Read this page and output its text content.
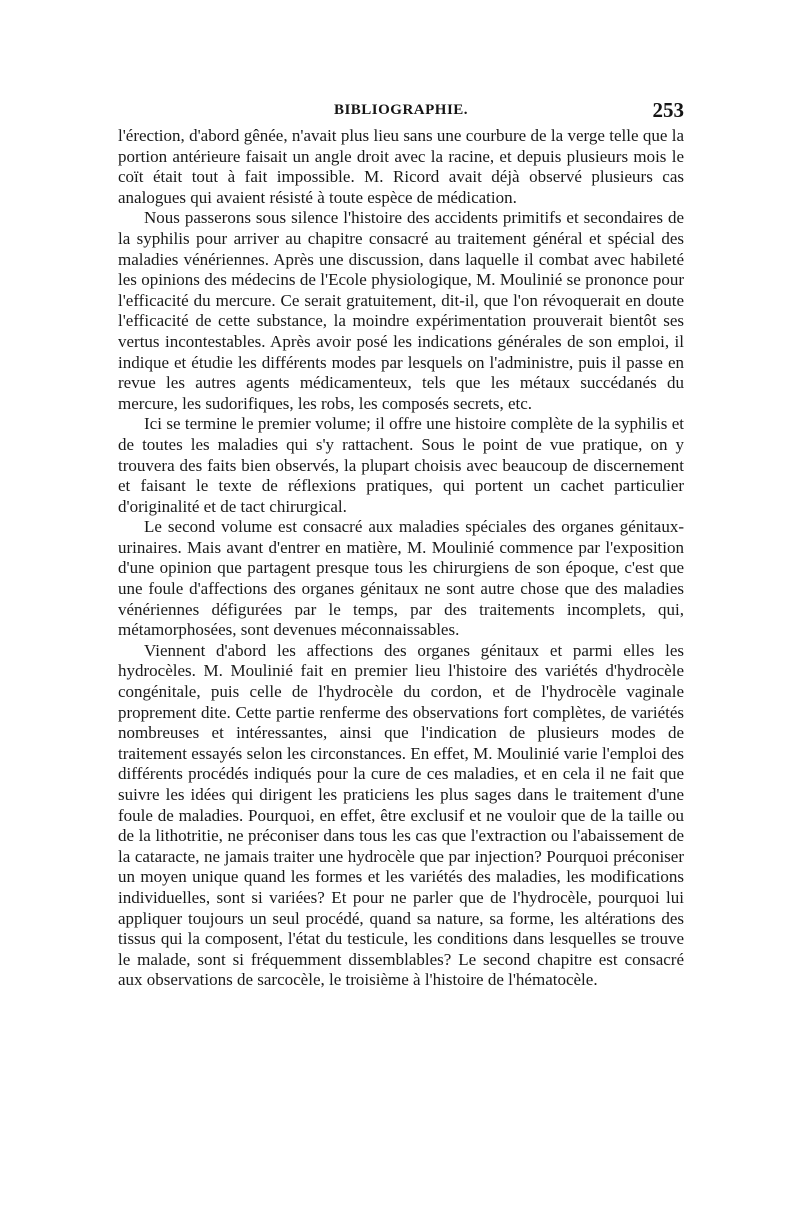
BIBLIOGRAPHIE.	253

l'érection, d'abord gênée, n'avait plus lieu sans une courbure de la verge telle que la portion antérieure faisait un angle droit avec la racine, et depuis plusieurs mois le coït était tout à fait impossible. M. Ricord avait déjà observé plusieurs cas analogues qui avaient résisté à toute espèce de médication.

Nous passerons sous silence l'histoire des accidents primitifs et secondaires de la syphilis pour arriver au chapitre consacré au traitement général et spécial des maladies vénériennes. Après une discussion, dans laquelle il combat avec habileté les opinions des médecins de l'Ecole physiologique, M. Moulinié se prononce pour l'efficacité du mercure. Ce serait gratuitement, dit-il, que l'on révoquerait en doute l'efficacité de cette substance, la moindre expérimentation prouverait bientôt ses vertus incontestables. Après avoir posé les indications générales de son emploi, il indique et étudie les différents modes par lesquels on l'administre, puis il passe en revue les autres agents médicamenteux, tels que les métaux succédanés du mercure, les sudorifiques, les robs, les composés secrets, etc.

Ici se termine le premier volume; il offre une histoire complète de la syphilis et de toutes les maladies qui s'y rattachent. Sous le point de vue pratique, on y trouvera des faits bien observés, la plupart choisis avec beaucoup de discernement et faisant le texte de réflexions pratiques, qui portent un cachet particulier d'originalité et de tact chirurgical.

Le second volume est consacré aux maladies spéciales des organes génitaux-urinaires. Mais avant d'entrer en matière, M. Moulinié commence par l'exposition d'une opinion que partagent presque tous les chirurgiens de son époque, c'est que une foule d'affections des organes génitaux ne sont autre chose que des maladies vénériennes défigurées par le temps, par des traitements incomplets, qui, métamorphosées, sont devenues méconnaissables.

Viennent d'abord les affections des organes génitaux et parmi elles les hydrocèles. M. Moulinié fait en premier lieu l'histoire des variétés d'hydrocèle congénitale, puis celle de l'hydrocèle du cordon, et de l'hydrocèle vaginale proprement dite. Cette partie renferme des observations fort complètes, de variétés nombreuses et intéressantes, ainsi que l'indication de plusieurs modes de traitement essayés selon les circonstances. En effet, M. Moulinié varie l'emploi des différents procédés indiqués pour la cure de ces maladies, et en cela il ne fait que suivre les idées qui dirigent les praticiens les plus sages dans le traitement d'une foule de maladies. Pourquoi, en effet, être exclusif et ne vouloir que de la taille ou de la lithotritie, ne préconiser dans tous les cas que l'extraction ou l'abaissement de la cataracte, ne jamais traiter une hydrocèle que par injection? Pourquoi préconiser un moyen unique quand les formes et les variétés des maladies, les modifications individuelles, sont si variées? Et pour ne parler que de l'hydrocèle, pourquoi lui appliquer toujours un seul procédé, quand sa nature, sa forme, les altérations des tissus qui la composent, l'état du testicule, les conditions dans lesquelles se trouve le malade, sont si fréquemment dissemblables? Le second chapitre est consacré aux observations de sarcocèle, le troisième à l'histoire de l'hématocèle.
